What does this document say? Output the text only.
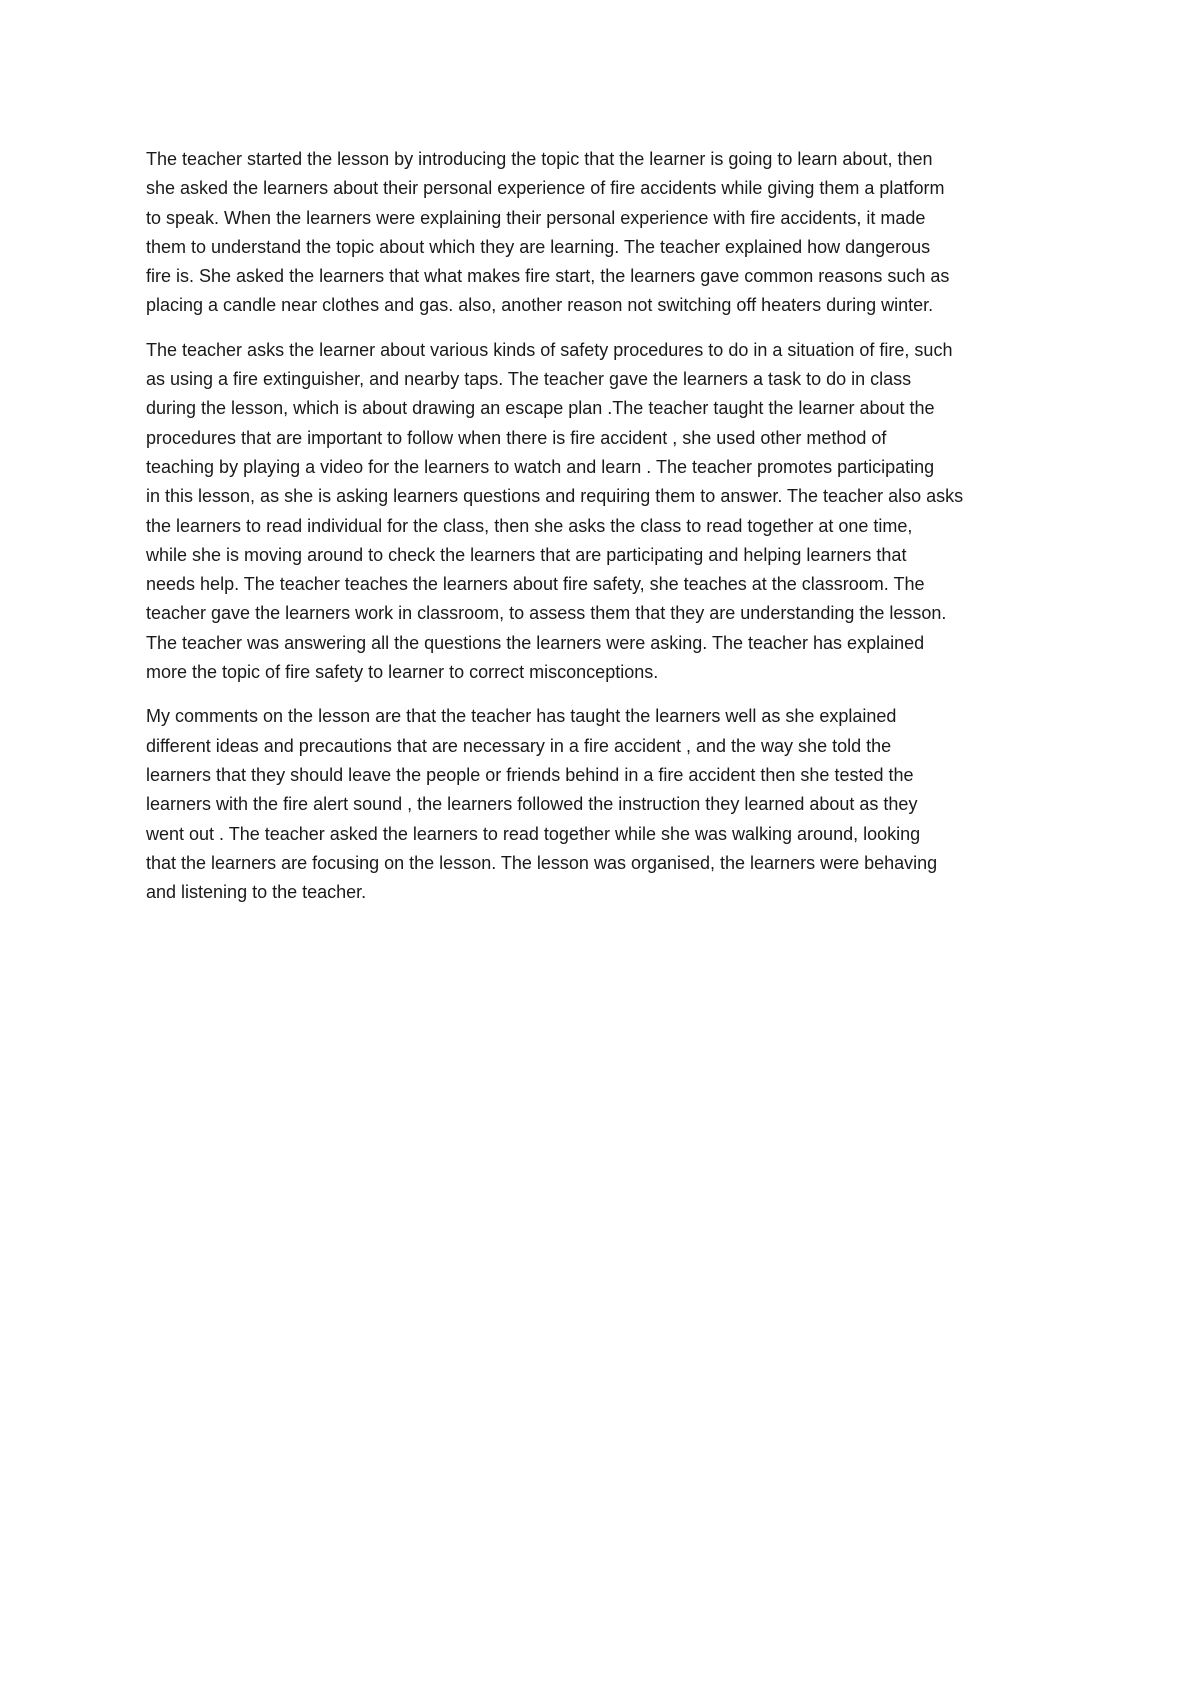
The teacher started the lesson by introducing the topic that the learner is going to learn about, then
she asked the learners about their personal experience of fire accidents while giving them a platform
to speak. When the learners were explaining their personal experience with fire accidents, it made
them to understand the topic about which they are learning. The teacher explained how dangerous
fire is. She asked the learners that what makes fire start, the learners gave common reasons such as
placing a candle near clothes and gas. also, another reason not switching off heaters during winter.

The teacher asks the learner about various kinds of safety procedures to do in a situation of fire, such
as using a fire extinguisher, and nearby taps. The teacher gave the learners a task to do in class
during the lesson, which is about drawing an escape plan .The teacher taught the learner about the
procedures that are important to follow when there is fire accident , she used other method of
teaching by playing a video for the learners to watch and learn . The teacher promotes participating
in this lesson, as she is asking learners questions and requiring them to answer. The teacher also asks
the learners to read individual for the class, then she asks the class to read together at one time,
while she is moving around to check the learners that are participating and helping learners that
needs help. The teacher teaches the learners about fire safety, she teaches at the classroom. The
teacher gave the learners work in classroom, to assess them that they are understanding the lesson.
The teacher was answering all the questions the learners were asking. The teacher has explained
more the topic of fire safety to learner to correct misconceptions.

My comments on the lesson are that the teacher has taught the learners well as she explained
different ideas and precautions that are necessary in a fire accident , and the way she told the
learners that they should leave the people or friends behind in a fire accident then she tested the
learners with the fire alert sound , the learners followed the instruction they learned about as they
went out . The teacher asked the learners to read together while she was walking around, looking
that the learners are focusing on the lesson. The lesson was organised, the learners were behaving
and listening to the teacher.
